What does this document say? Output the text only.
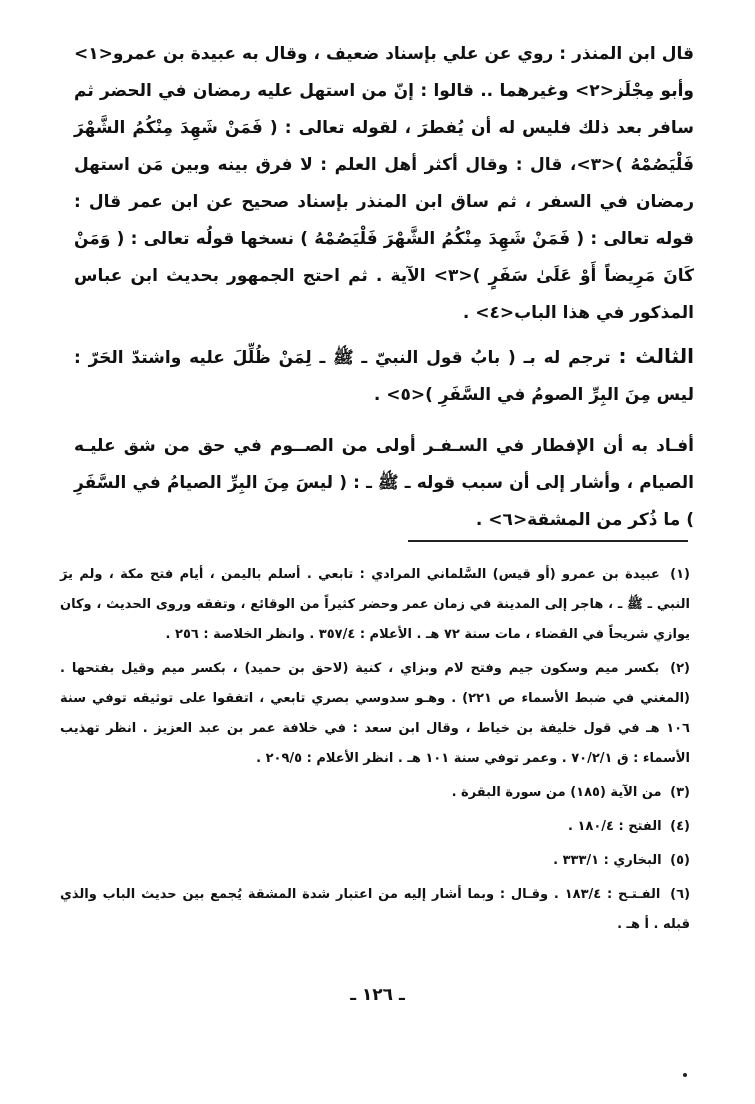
قال ابن المنذر : روي عن علي بإسناد ضعيف ، وقال به عبيدة بن عمرو<١> وأبو مِجْلَز<٢> وغيرهما .. قالوا : إنّ من استهل عليه رمضان في الحضر ثم سافر بعد ذلك فليس له أن يُفطرَ ، لقوله تعالى : ( فَمَنْ شَهِدَ مِنْكُمُ الشَّهْرَ فَلْيَصُمْهُ )<٣>، قال : وقال أكثر أهل العلم : لا فرق بينه وبين مَن استهل رمضان في السفر ، ثم ساق ابن المنذر بإسناد صحيح عن ابن عمر قال : قوله تعالى : ( فَمَنْ شَهِدَ مِنْكُمُ الشَّهْرَ فَلْيَصُمْهُ ) نسخها قولُه تعالى : ( وَمَنْ كَانَ مَرِيضاً أَوْ عَلَىٰ سَفَرٍ )<٣> الآية . ثم احتج الجمهور بحديث ابن عباس المذكور في هذا الباب<٤> .

الثالث : ترجم له بـ ( بابُ قول النبيّ ـ ﷺ ـ لِمَنْ ظُلِّلَ عليه واشتدّ الحَرّ : ليس مِنَ البِرِّ الصومُ في السَّفَرِ )<٥> .

أفـاد به أن الإفطار في السـفـر أولى من الصــوم في حق من شق عليـه الصيام ، وأشار إلى أن سبب قوله ـ ﷺ ـ : ( ليسَ مِنَ البِرِّ الصيامُ في السَّفَرِ ) ما ذُكر من المشقة<٦> .

(١) عبيدة بن عمرو (أو قيس) السَّلماني المرادي : تابعي . أسلم باليمن ، أيام فتح مكة ، ولم يرَ النبي ـ ﷺ ـ ، هاجر إلى المدينة في زمان عمر وحضر كثيراً من الوقائع ، وتفقه وروى الحديث ، وكان يوازي شريحاً في القضاء ، مات سنة ٧٢ هـ . الأعلام : ٣٥٧/٤ . وانظر الخلاصة : ٢٥٦ .

(٢) بكسر ميم وسكون جيم وفتح لام وبزاي ، كنية (لاحق بن حميد) ، بكسر ميم وقيل بفتحها . (المغني في ضبط الأسماء ص ٢٢١) . وهـو سدوسي بصري تابعي ، اتفقوا على توثيقه توفي سنة ١٠٦ هـ في قول خليفة بن خياط ، وقال ابن سعد : في خلافة عمر بن عبد العزيز . انظر تهذيب الأسماء : ق ٧٠/٢/١ . وعمر توفي سنة ١٠١ هـ . انظر الأعلام : ٢٠٩/٥ .

(٣) من الآية (١٨٥) من سورة البقرة .

(٤) الفتح : ١٨٠/٤ .

(٥) البخاري : ٣٣٣/١ .

(٦) الفـتـح : ١٨٣/٤ . وقـال : وبما أشار إليه من اعتبار شدة المشقة يُجمع بين حديث الباب والذي قبله . أ هـ .

ـ ١٢٦ ـ
